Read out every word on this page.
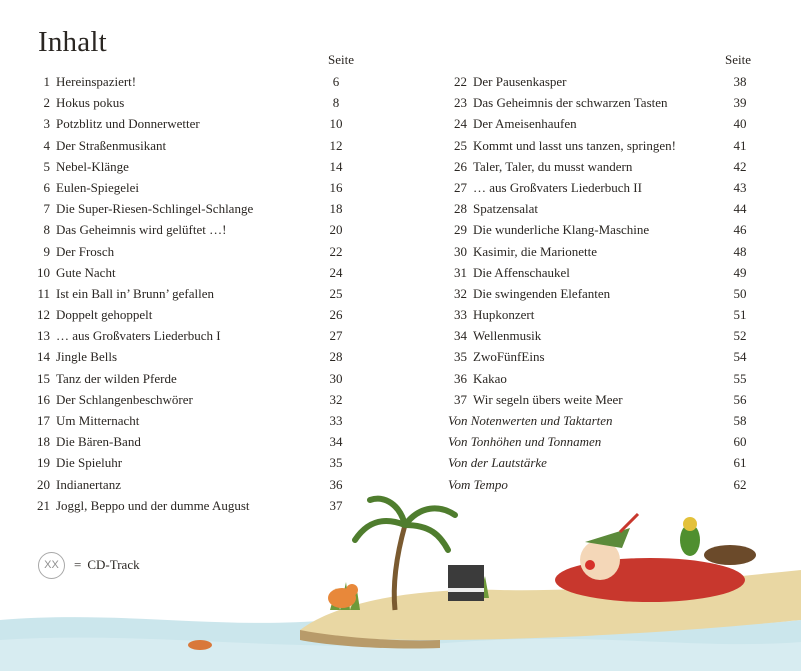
Inhalt
Seite	Seite
1 Hereinspaziert!	6
2 Hokus pokus	8
3 Potzblitz und Donnerwetter	10
4 Der Straßenmusikant	12
5 Nebel-Klänge	14
6 Eulen-Spiegelei	16
7 Die Super-Riesen-Schlingel-Schlange	18
8 Das Geheimnis wird gelüftet …!	20
9 Der Frosch	22
10 Gute Nacht	24
11 Ist ein Ball in’ Brunn’ gefallen	25
12 Doppelt gehoppelt	26
13 … aus Großvaters Liederbuch I	27
14 Jingle Bells	28
15 Tanz der wilden Pferde	30
16 Der Schlangenbeschwörer	32
17 Um Mitternacht	33
18 Die Bären-Band	34
19 Die Spieluhr	35
20 Indianertanz	36
21 Joggl, Beppo und der dumme August	37
22 Der Pausenkasper	38
23 Das Geheimnis der schwarzen Tasten	39
24 Der Ameisenhaufen	40
25 Kommt und lasst uns tanzen, springen!	41
26 Taler, Taler, du musst wandern	42
27 … aus Großvaters Liederbuch II	43
28 Spatzensalat	44
29 Die wunderliche Klang-Maschine	46
30 Kasimir, die Marionette	48
31 Die Affenschaukel	49
32 Die swingenden Elefanten	50
33 Hupkonzert	51
34 Wellenmusik	52
35 ZwoFünfEins	54
36 Kakao	55
37 Wir segeln übers weite Meer	56
Von Notenwerten und Taktarten	58
Von Tonhöhen und Tonnamen	60
Von der Lautstärke	61
Vom Tempo	62
XX	= CD-Track
